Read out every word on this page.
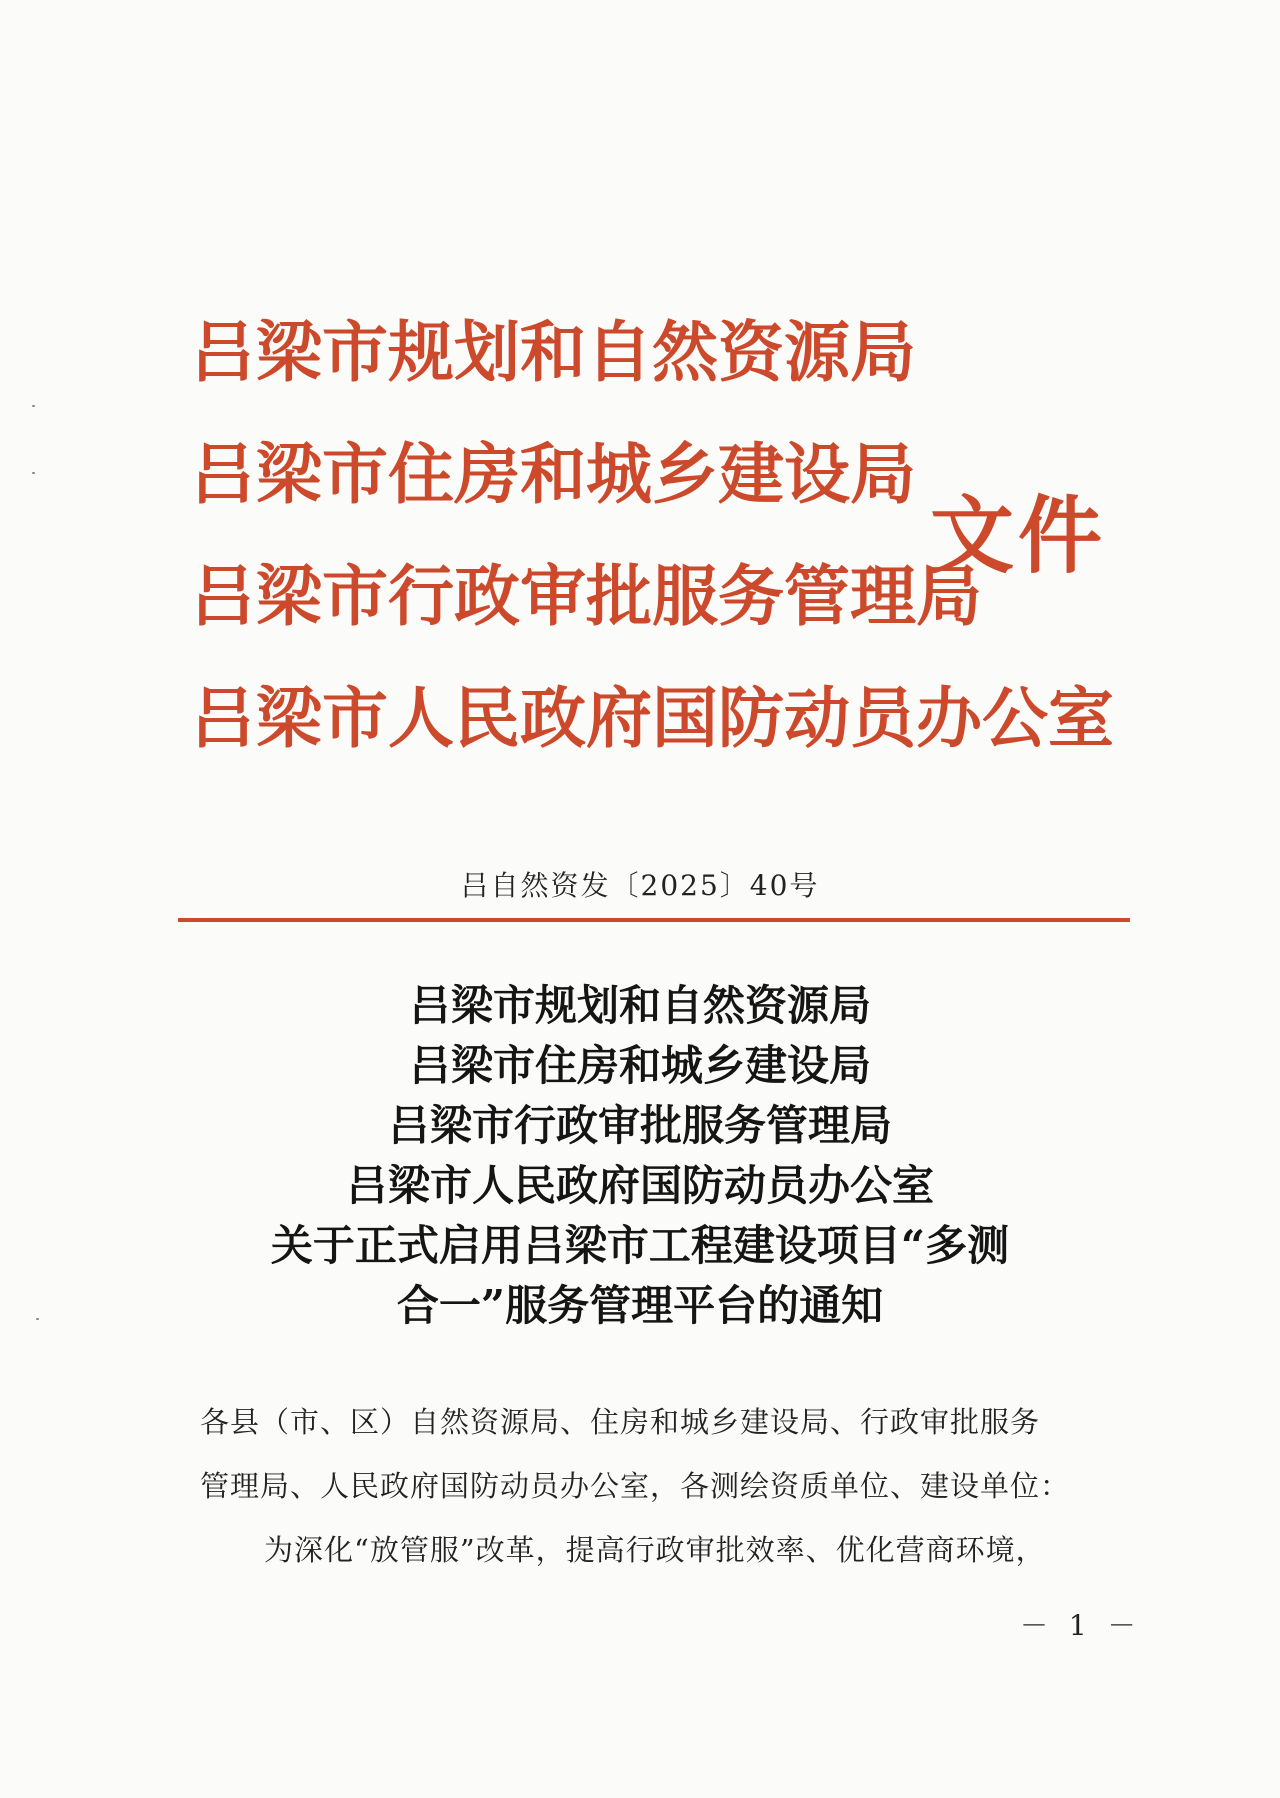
吕梁市规划和自然资源局
吕梁市住房和城乡建设局
吕梁市行政审批服务管理局
吕梁市人民政府国防动员办公室
文件
吕自然资发〔2025〕40号
吕梁市规划和自然资源局
吕梁市住房和城乡建设局
吕梁市行政审批服务管理局
吕梁市人民政府国防动员办公室
关于正式启用吕梁市工程建设项目“多测
合一”服务管理平台的通知
各县（市、区）自然资源局、住房和城乡建设局、行政审批服务
管理局、人民政府国防动员办公室，各测绘资质单位、建设单位：
为深化“放管服”改革，提高行政审批效率、优化营商环境，
－ 1 －
